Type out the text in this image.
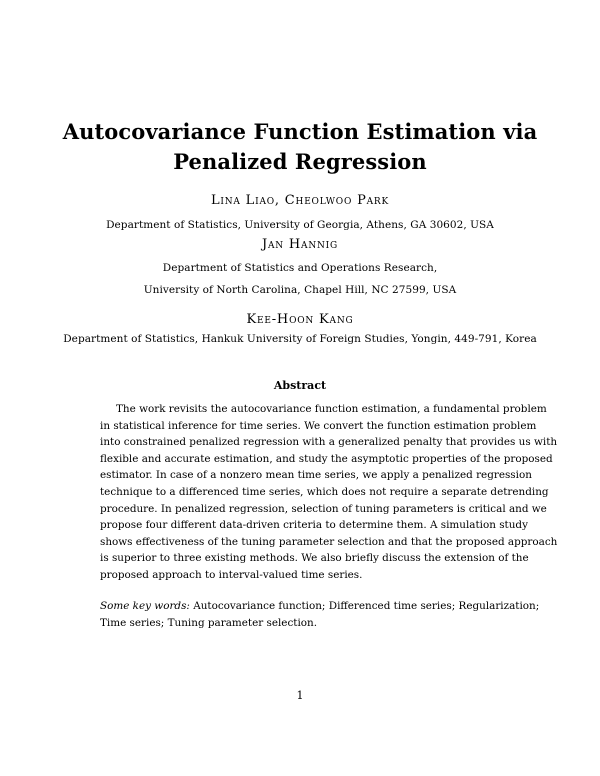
Autocovariance Function Estimation via
Penalized Regression
Lina Liao, Cheolwoo Park
Department of Statistics, University of Georgia, Athens, GA 30602, USA
Jan Hannig
Department of Statistics and Operations Research,
University of North Carolina, Chapel Hill, NC 27599, USA
Kee-Hoon Kang
Department of Statistics, Hankuk University of Foreign Studies, Yongin, 449-791, Korea
Abstract
The work revisits the autocovariance function estimation, a fundamental problem
in statistical inference for time series. We convert the function estimation problem
into constrained penalized regression with a generalized penalty that provides us with
flexible and accurate estimation, and study the asymptotic properties of the proposed
estimator. In case of a nonzero mean time series, we apply a penalized regression
technique to a differenced time series, which does not require a separate detrending
procedure. In penalized regression, selection of tuning parameters is critical and we
propose four different data-driven criteria to determine them. A simulation study
shows effectiveness of the tuning parameter selection and that the proposed approach
is superior to three existing methods. We also briefly discuss the extension of the
proposed approach to interval-valued time series.
Some key words: Autocovariance function; Differenced time series; Regularization;
Time series; Tuning parameter selection.
1
